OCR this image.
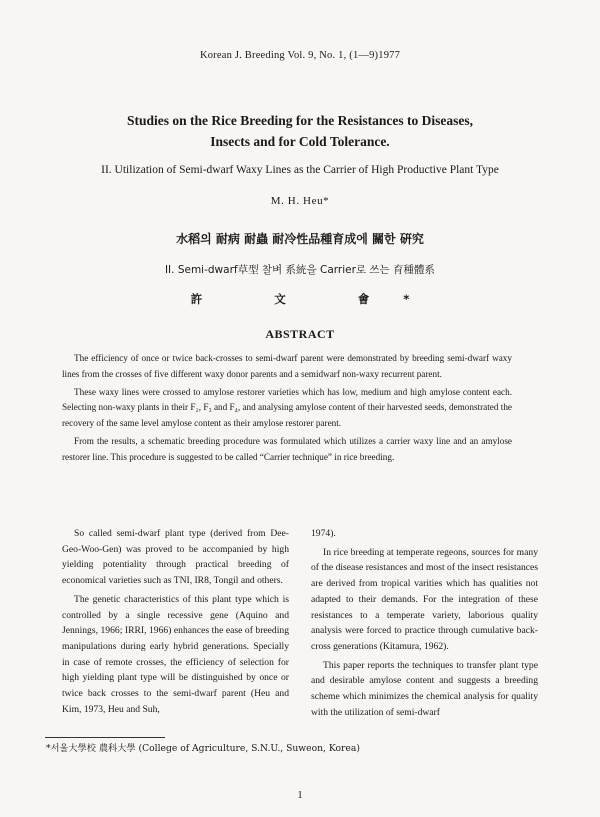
Korean J. Breeding Vol. 9, No. 1, (1—9)1977
Studies on the Rice Breeding for the Resistances to Diseases,
Insects and for Cold Tolerance.
II. Utilization of Semi-dwarf Waxy Lines as the Carrier of High Productive Plant Type
M. H. Heu*
水稻의 耐病 耐蟲 耐冷性品種育成에 關한 硏究
II. Semi-dwarf草型 찰벼 系統을 Carrier로 쓰는 育種體系
許 文 會*
ABSTRACT

The efficiency of once or twice back-crosses to semi-dwarf parent were demonstrated by breeding semi-dwarf waxy lines from the crosses of five different waxy donor parents and a semidwarf non-waxy recurrent parent.

These waxy lines were crossed to amylose restorer varieties which has low, medium and high amylose content each. Selecting non-waxy plants in their F₂, F₃ and F₄, and analysing amylose content of their harvested seeds, demonstrated the recovery of the same level amylose content as their amylose restorer parent.

From the results, a schematic breeding procedure was formulated which utilizes a carrier waxy line and an amylose restorer line. This procedure is suggested to be called “Carrier technique” in rice breeding.

So called semi-dwarf plant type (derived from Dee-Geo-Woo-Gen) was proved to be accompanied by high yielding potentiality through practical breeding of economical varieties such as TNI, IR8, Tongil and others.

The genetic characteristics of this plant type which is controlled by a single recessive gene (Aquino and Jennings, 1966; IRRI, 1966) enhances the ease of breeding manipulations during early hybrid generations. Specially in case of remote crosses, the efficiency of selection for high yielding plant type will be distinguished by once or twice back crosses to the semi-dwarf parent (Heu and Kim, 1973, Heu and Suh,

1974).

In rice breeding at temperate regeons, sources for many of the disease resistances and most of the insect resistances are derived from tropical varities which has qualities not adapted to their demands. For the integration of these resistances to a temperate variety, laborious quality analysis were forced to practice through cumulative back-cross generations (Kitamura, 1962).

This paper reports the techniques to transfer plant type and desirable amylose content and suggests a breeding scheme which minimizes the chemical analysis for quality with the utilization of semi-dwarf

*서울大學校 農科大學 (College of Agriculture, S.N.U., Suweon, Korea)
1
